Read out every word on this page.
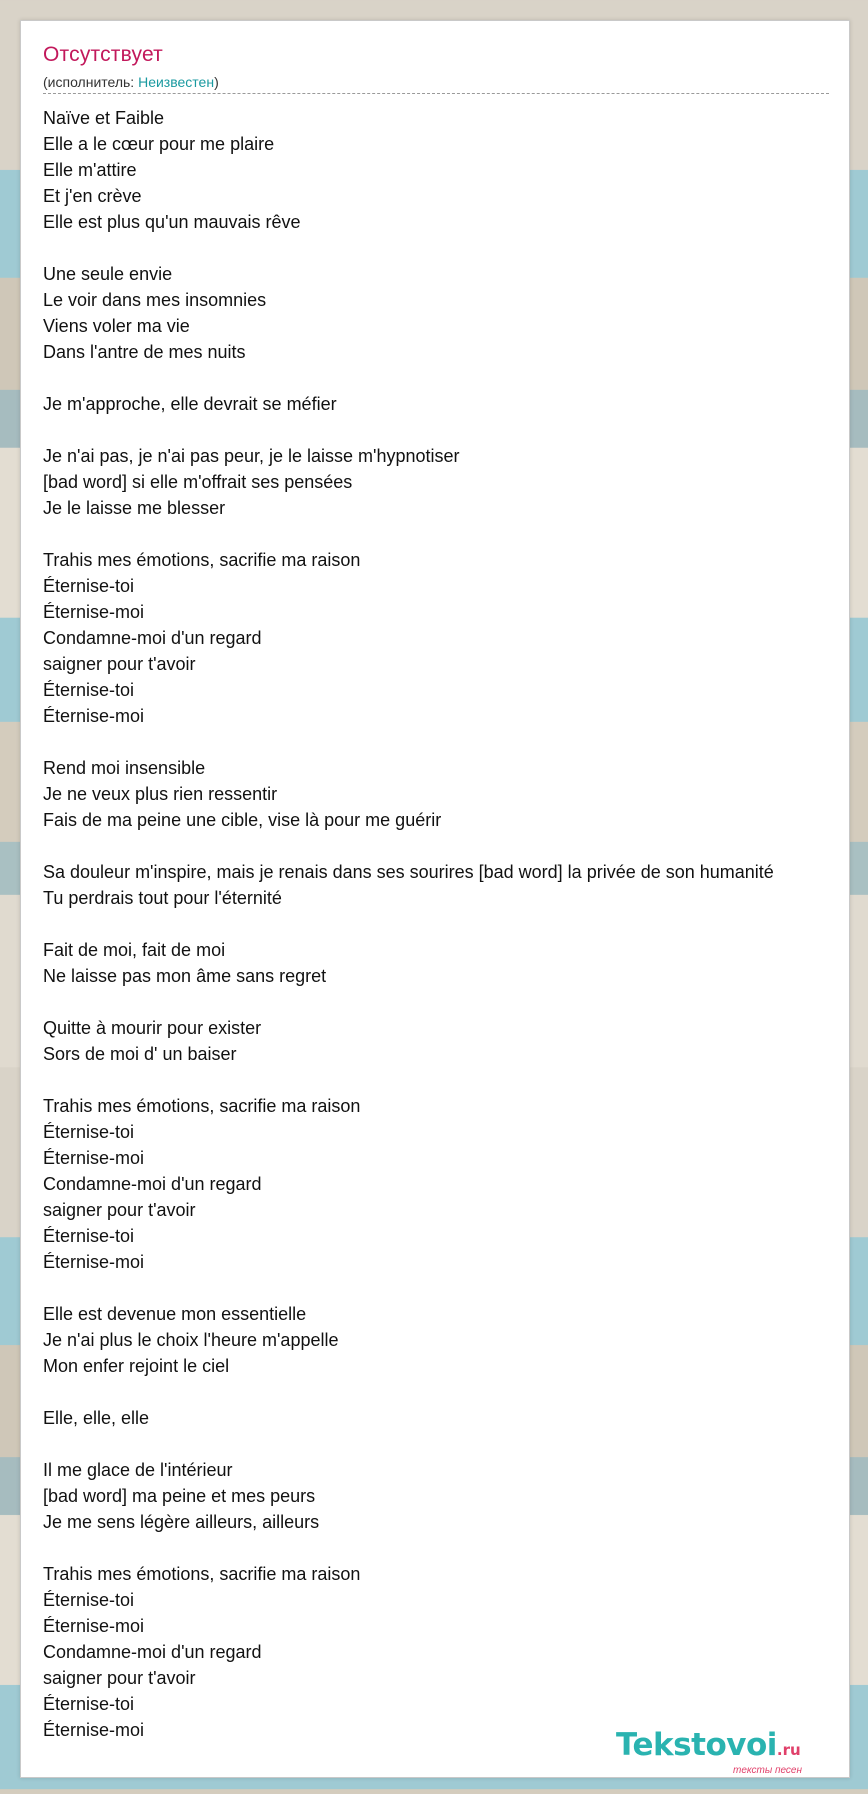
Отсутствует
(исполнитель: Неизвестен)
Naïve et Faible
Elle a le cœur pour me plaire
Elle m'attire
Et j'en crève
Elle est plus qu'un mauvais rêve
Une seule envie
Le voir dans mes insomnies
Viens voler ma vie
Dans l'antre de mes nuits
Je m'approche, elle devrait se méfier
Je n'ai pas, je n'ai pas peur, je le laisse m'hypnotiser
[bad word] si elle m'offrait ses pensées
Je le laisse me blesser
Trahis mes émotions, sacrifie ma raison
Éternise-toi
Éternise-moi
Condamne-moi d'un regard
saigner pour t'avoir
Éternise-toi
Éternise-moi
Rend moi insensible
Je ne veux plus rien ressentir
Fais de ma peine une cible, vise là pour me guérir
Sa douleur m'inspire, mais je renais dans ses sourires [bad word] la privée de son humanité
Tu perdrais tout pour l'éternité
Fait de moi, fait de moi
Ne laisse pas mon âme sans regret
Quitte à mourir pour exister
Sors de moi d' un baiser
Trahis mes émotions, sacrifie ma raison
Éternise-toi
Éternise-moi
Condamne-moi d'un regard
saigner pour t'avoir
Éternise-toi
Éternise-moi
Elle est devenue mon essentielle
Je n'ai plus le choix l'heure m'appelle
Mon enfer rejoint le ciel
Elle, elle, elle
Il me glace de l'intérieur
[bad word] ma peine et mes peurs
Je me sens légère ailleurs, ailleurs
Trahis mes émotions, sacrifie ma raison
Éternise-toi
Éternise-moi
Condamne-moi d'un regard
saigner pour t'avoir
Éternise-toi
Éternise-moi	Tekstovoi.ru
тексты песен
